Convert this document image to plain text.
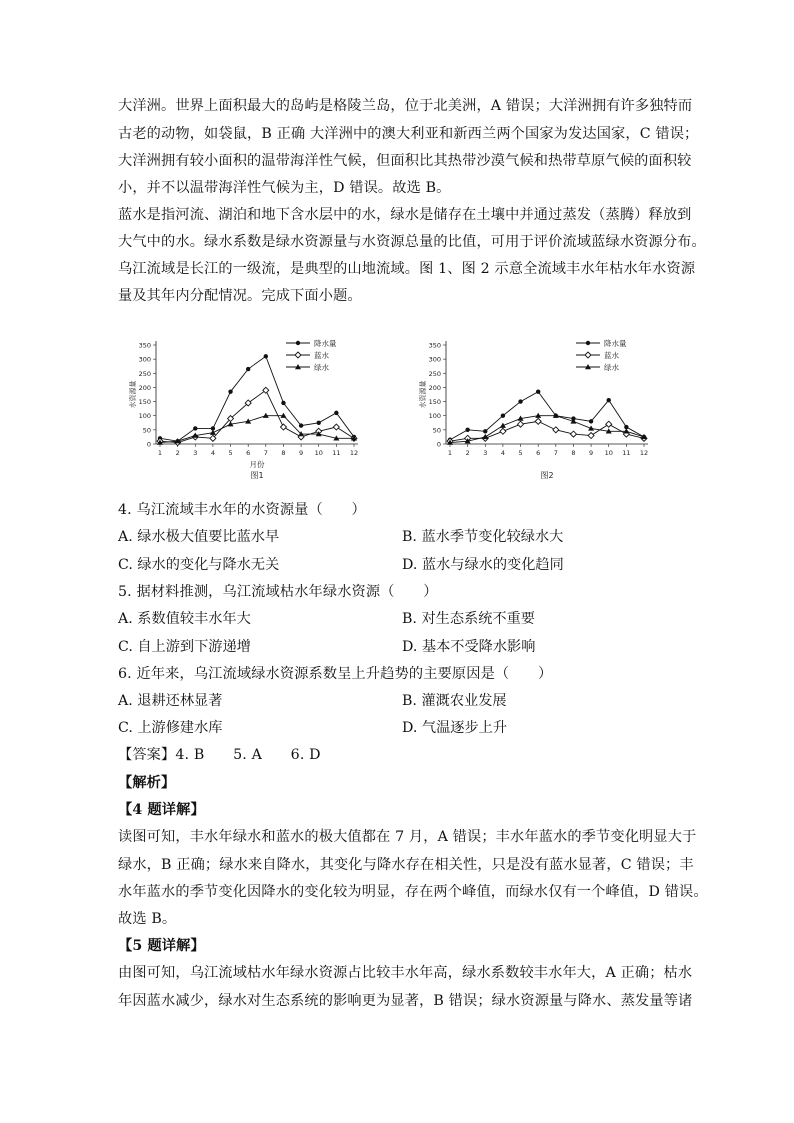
大洋洲。世界上面积最大的岛屿是格陵兰岛，位于北美洲，A 错误；大洋洲拥有许多独特而
古老的动物，如袋鼠，B 正确 大洋洲中的澳大利亚和新西兰两个国家为发达国家，C 错误；
大洋洲拥有较小面积的温带海洋性气候，但面积比其热带沙漠气候和热带草原气候的面积较
小，并不以温带海洋性气候为主，D 错误。故选 B。
蓝水是指河流、湖泊和地下含水层中的水，绿水是储存在土壤中并通过蒸发（蒸腾）释放到
大气中的水。绿水系数是绿水资源量与水资源总量的比值，可用于评价流域蓝绿水资源分布。
乌江流域是长江的一级流，是典型的山地流域。图 1、图 2 示意全流域丰水年枯水年水资源
量及其年内分配情况。完成下面小题。
0
50
100
150
200
250
300
350
1 2 3 4 5 6 7 8 9 10 11 12
水资源量
月份
图1
降水量
蓝水
绿水
0
50
100
150
200
250
300
350
1 2 3 4 5 6 7 8 9 10 11 12
水资源量
图2
降水量
蓝水
绿水
4. 乌江流域丰水年的水资源量（　　）
A. 绿水极大值要比蓝水早	B. 蓝水季节变化较绿水大
C. 绿水的变化与降水无关	D. 蓝水与绿水的变化趋同
5. 据材料推测，乌江流域枯水年绿水资源（　　）
A. 系数值较丰水年大	B. 对生态系统不重要
C. 自上游到下游递增	D. 基本不受降水影响
6. 近年来，乌江流域绿水资源系数呈上升趋势的主要原因是（　　）
A. 退耕还林显著	B. 灌溉农业发展
C. 上游修建水库	D. 气温逐步上升
【答案】4. B　　5. A　　6. D
【解析】
【4 题详解】
读图可知，丰水年绿水和蓝水的极大值都在 7 月，A 错误；丰水年蓝水的季节变化明显大于
绿水，B 正确；绿水来自降水，其变化与降水存在相关性，只是没有蓝水显著，C 错误；丰
水年蓝水的季节变化因降水的变化较为明显，存在两个峰值，而绿水仅有一个峰值，D 错误。
故选 B。
【5 题详解】
由图可知，乌江流域枯水年绿水资源占比较丰水年高，绿水系数较丰水年大，A 正确；枯水
年因蓝水减少，绿水对生态系统的影响更为显著，B 错误；绿水资源量与降水、蒸发量等诸
